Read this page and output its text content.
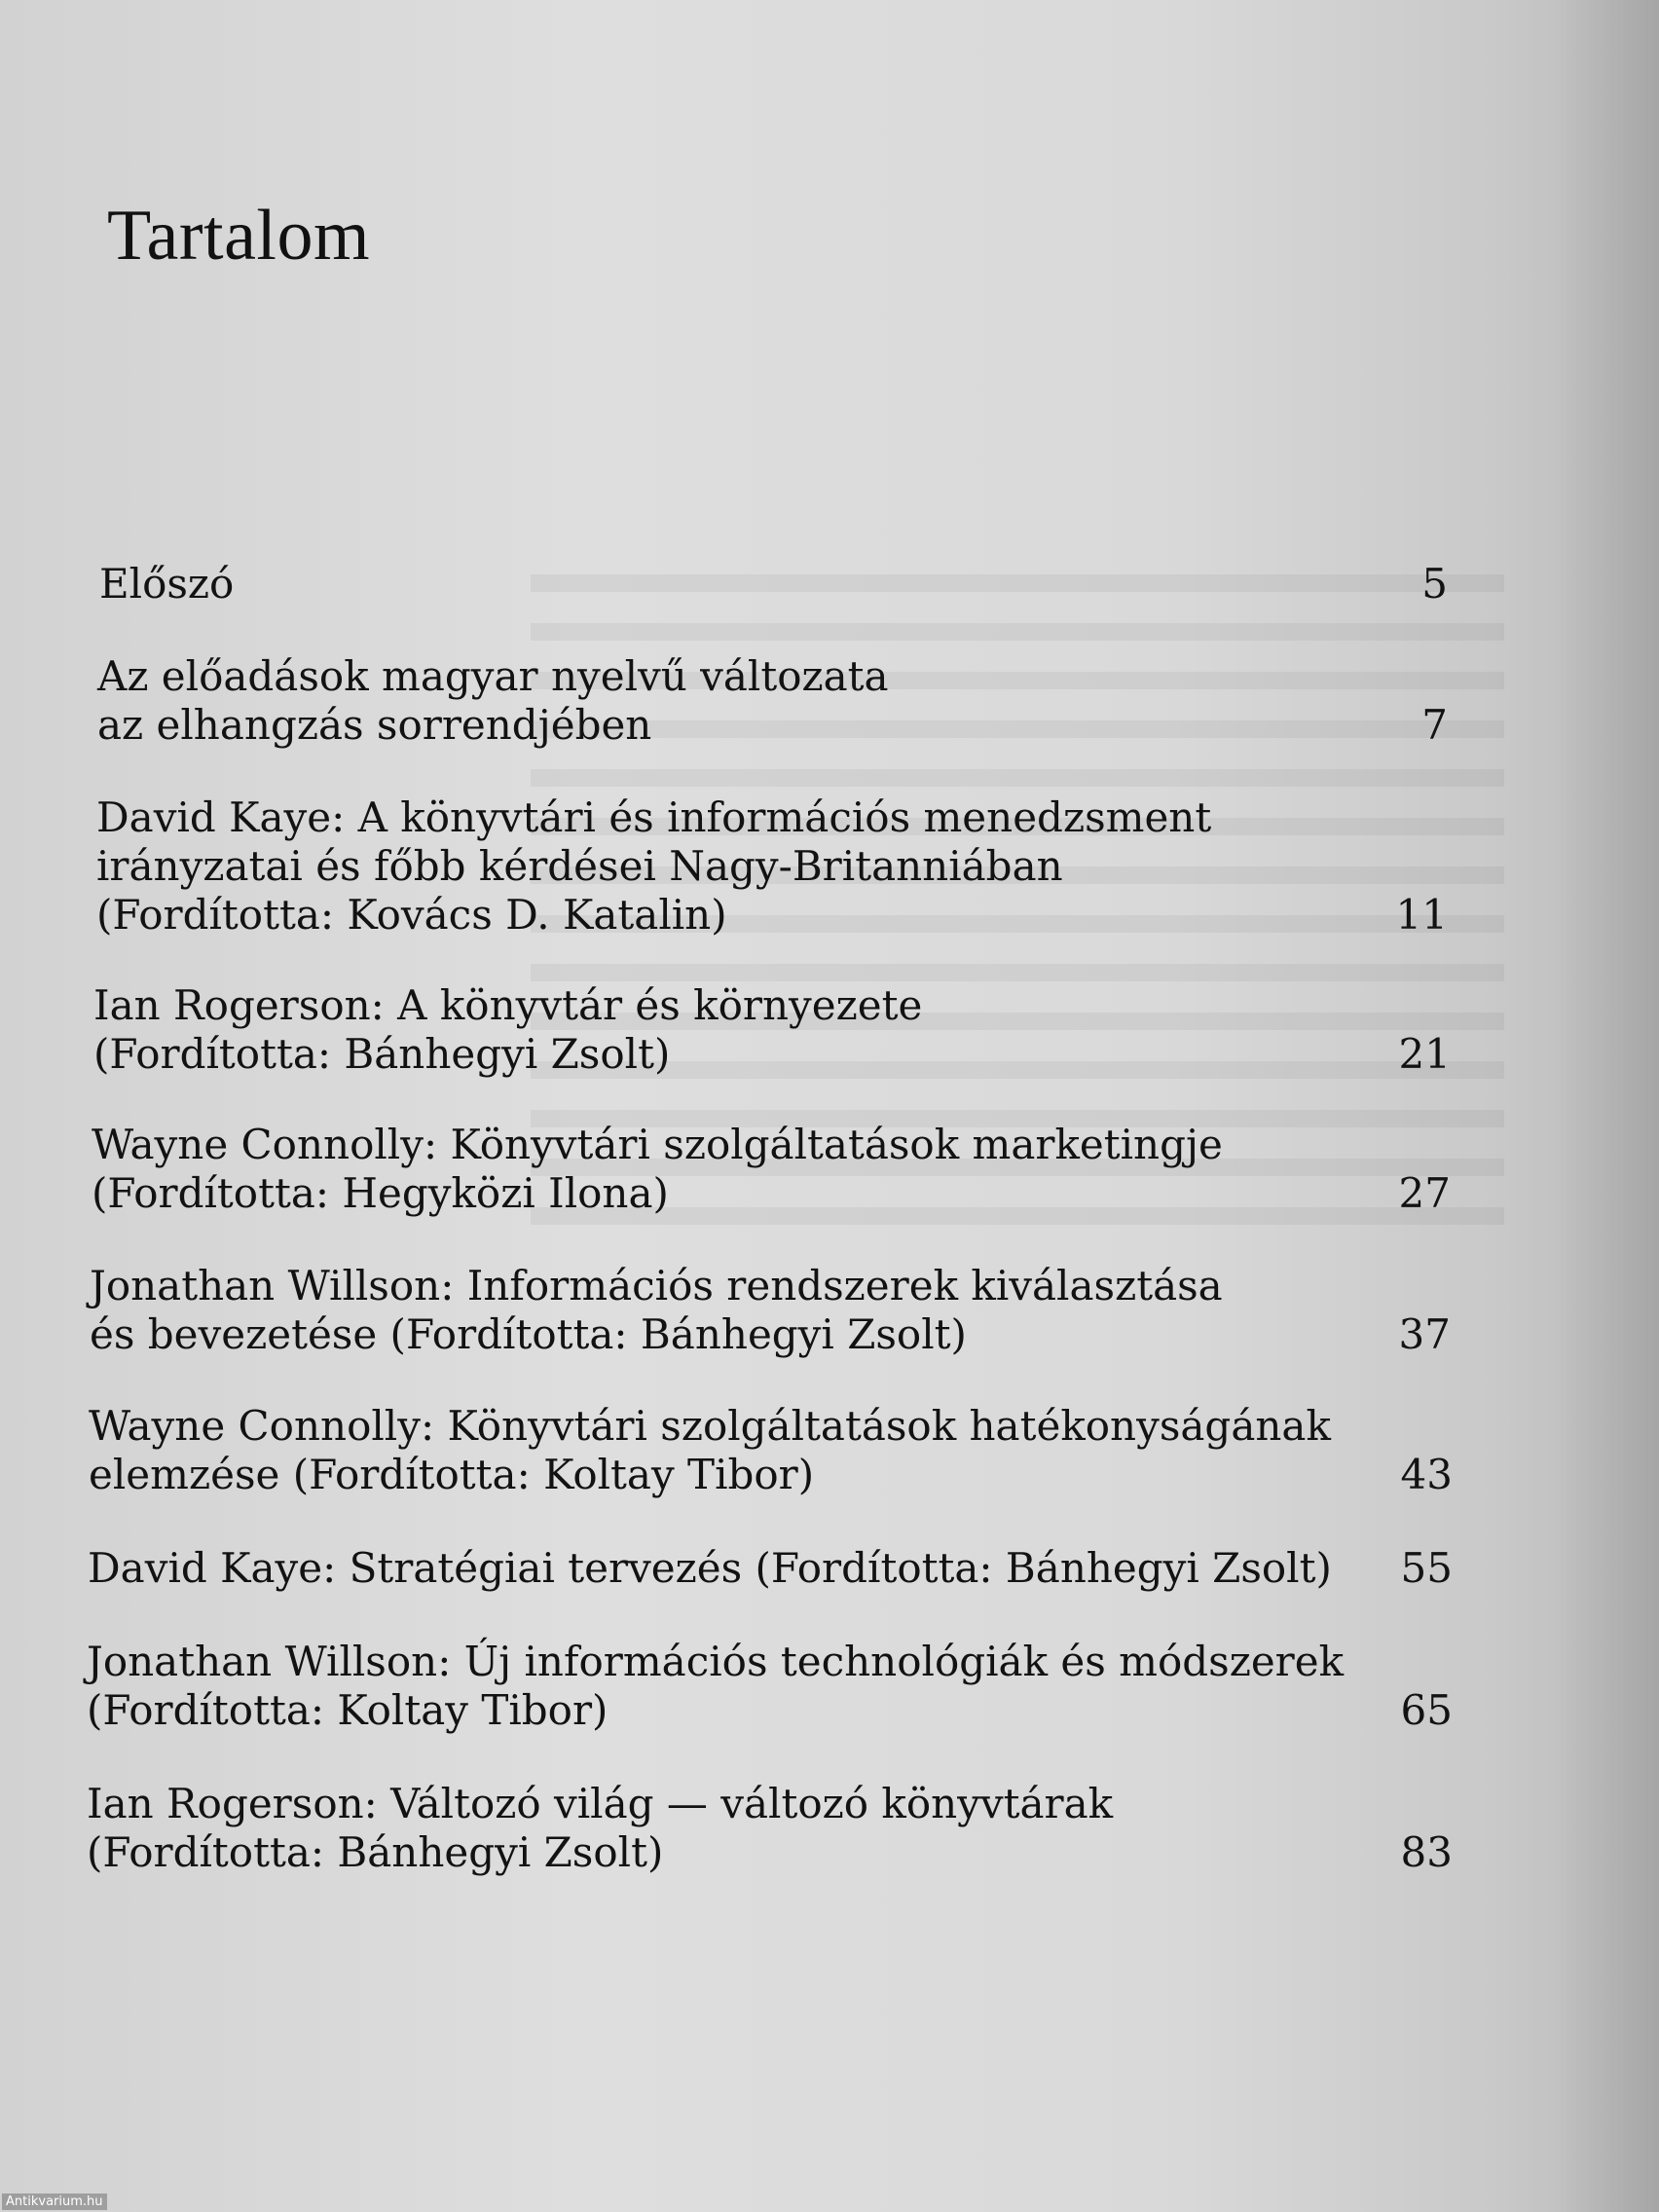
Tartalom
Előszó	5
Az előadások magyar nyelvű változata
az elhangzás sorrendjében	7
David Kaye: A könyvtári és információs menedzsment
irányzatai és főbb kérdései Nagy-Britanniában
(Fordította: Kovács D. Katalin)	11
Ian Rogerson: A könyvtár és környezete
(Fordította: Bánhegyi Zsolt)	21
Wayne Connolly: Könyvtári szolgáltatások marketingje
(Fordította: Hegyközi Ilona)	27
Jonathan Willson: Információs rendszerek kiválasztása
és bevezetése (Fordította: Bánhegyi Zsolt)	37
Wayne Connolly: Könyvtári szolgáltatások hatékonyságának
elemzése (Fordította: Koltay Tibor)	43
David Kaye: Stratégiai tervezés (Fordította: Bánhegyi Zsolt)	55
Jonathan Willson: Új információs technológiák és módszerek
(Fordította: Koltay Tibor)	65
Ian Rogerson: Változó világ — változó könyvtárak
(Fordította: Bánhegyi Zsolt)	83
Antikvarium.hu
